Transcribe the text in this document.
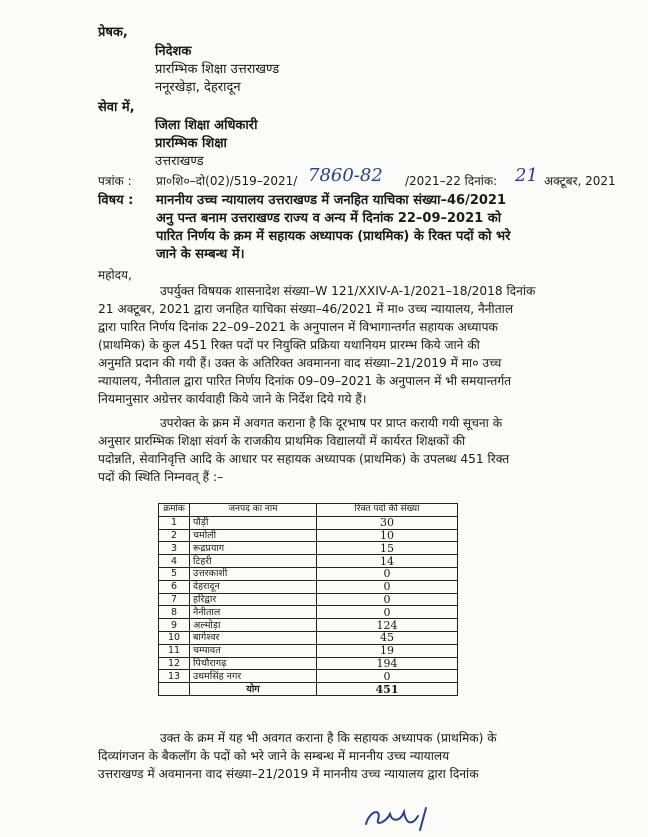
प्रेषक,
निदेशक
प्रारम्भिक शिक्षा उत्तराखण्ड
ननूरखेड़ा, देहरादून
सेवा में,
जिला शिक्षा अधिकारी
प्रारम्भिक शिक्षा
उत्तराखण्ड
पत्रांक : प्रा०शि०–दो(02)/519–2021/ 7860-82 /2021–22 दिनांक: 21 अक्टूबर, 2021
विषय : माननीय उच्च न्यायालय उत्तराखण्ड में जनहित याचिका संख्या–46/2021
अनु पन्त बनाम उत्तराखण्ड राज्य व अन्य में दिनांक 22–09–2021 को
पारित निर्णय के क्रम में सहायक अध्यापक (प्राथमिक) के रिक्त पदों को भरे
जाने के सम्बन्ध में।
महोदय,
उपर्युक्त विषयक शासनादेश संख्या–W 121/XXIV-A-1/2021–18/2018 दिनांक
21 अक्टूबर, 2021 द्वारा जनहित याचिका संख्या–46/2021 में मा० उच्च न्यायालय, नैनीताल
द्वारा पारित निर्णय दिनांक 22–09–2021 के अनुपालन में विभागान्तर्गत सहायक अध्यापक
(प्राथमिक) के कुल 451 रिक्त पदों पर नियुक्ति प्रक्रिया यथानियम प्रारम्भ किये जाने की
अनुमति प्रदान की गयी हैं। उक्त के अतिरिक्त अवमानना वाद संख्या–21/2019 में मा० उच्च
न्यायालय, नैनीताल द्वारा पारित निर्णय दिनांक 09–09–2021 के अनुपालन में भी समयान्तर्गत
नियमानुसार अग्रेत्तर कार्यवाही किये जाने के निर्देश दिये गये हैं।
उपरोक्त के क्रम में अवगत कराना है कि दूरभाष पर प्राप्त करायी गयी सूचना के
अनुसार प्रारम्भिक शिक्षा संवर्ग के राजकीय प्राथमिक विद्यालयों में कार्यरत शिक्षकों की
पदोन्नति, सेवानिवृत्ति आदि के आधार पर सहायक अध्यापक (प्राथमिक) के उपलब्ध 451 रिक्त
पदों की स्थिति निम्नवत् हैं :–
क्रमांक	जनपद का नाम	रिक्त पदों की संख्या
1	पौड़ी	30
2	चमोली	10
3	रूद्रप्रयाग	15
4	टिहरी	14
5	उत्तरकाशी	0
6	देहरादून	0
7	हरिद्वार	0
8	नैनीताल	0
9	अल्मोड़ा	124
10	बागेश्वर	45
11	चम्पावत	19
12	पिथौरागढ़	194
13	उधमसिंह नगर	0
	योग	451
उक्त के क्रम में यह भी अवगत कराना है कि सहायक अध्यापक (प्राथमिक) के
दिव्यांगजन के बैकलॉग के पदों को भरे जाने के सम्बन्ध में माननीय उच्च न्यायालय
उत्तराखण्ड में अवमानना वाद संख्या–21/2019 में माननीय उच्च न्यायालय द्वारा दिनांक
